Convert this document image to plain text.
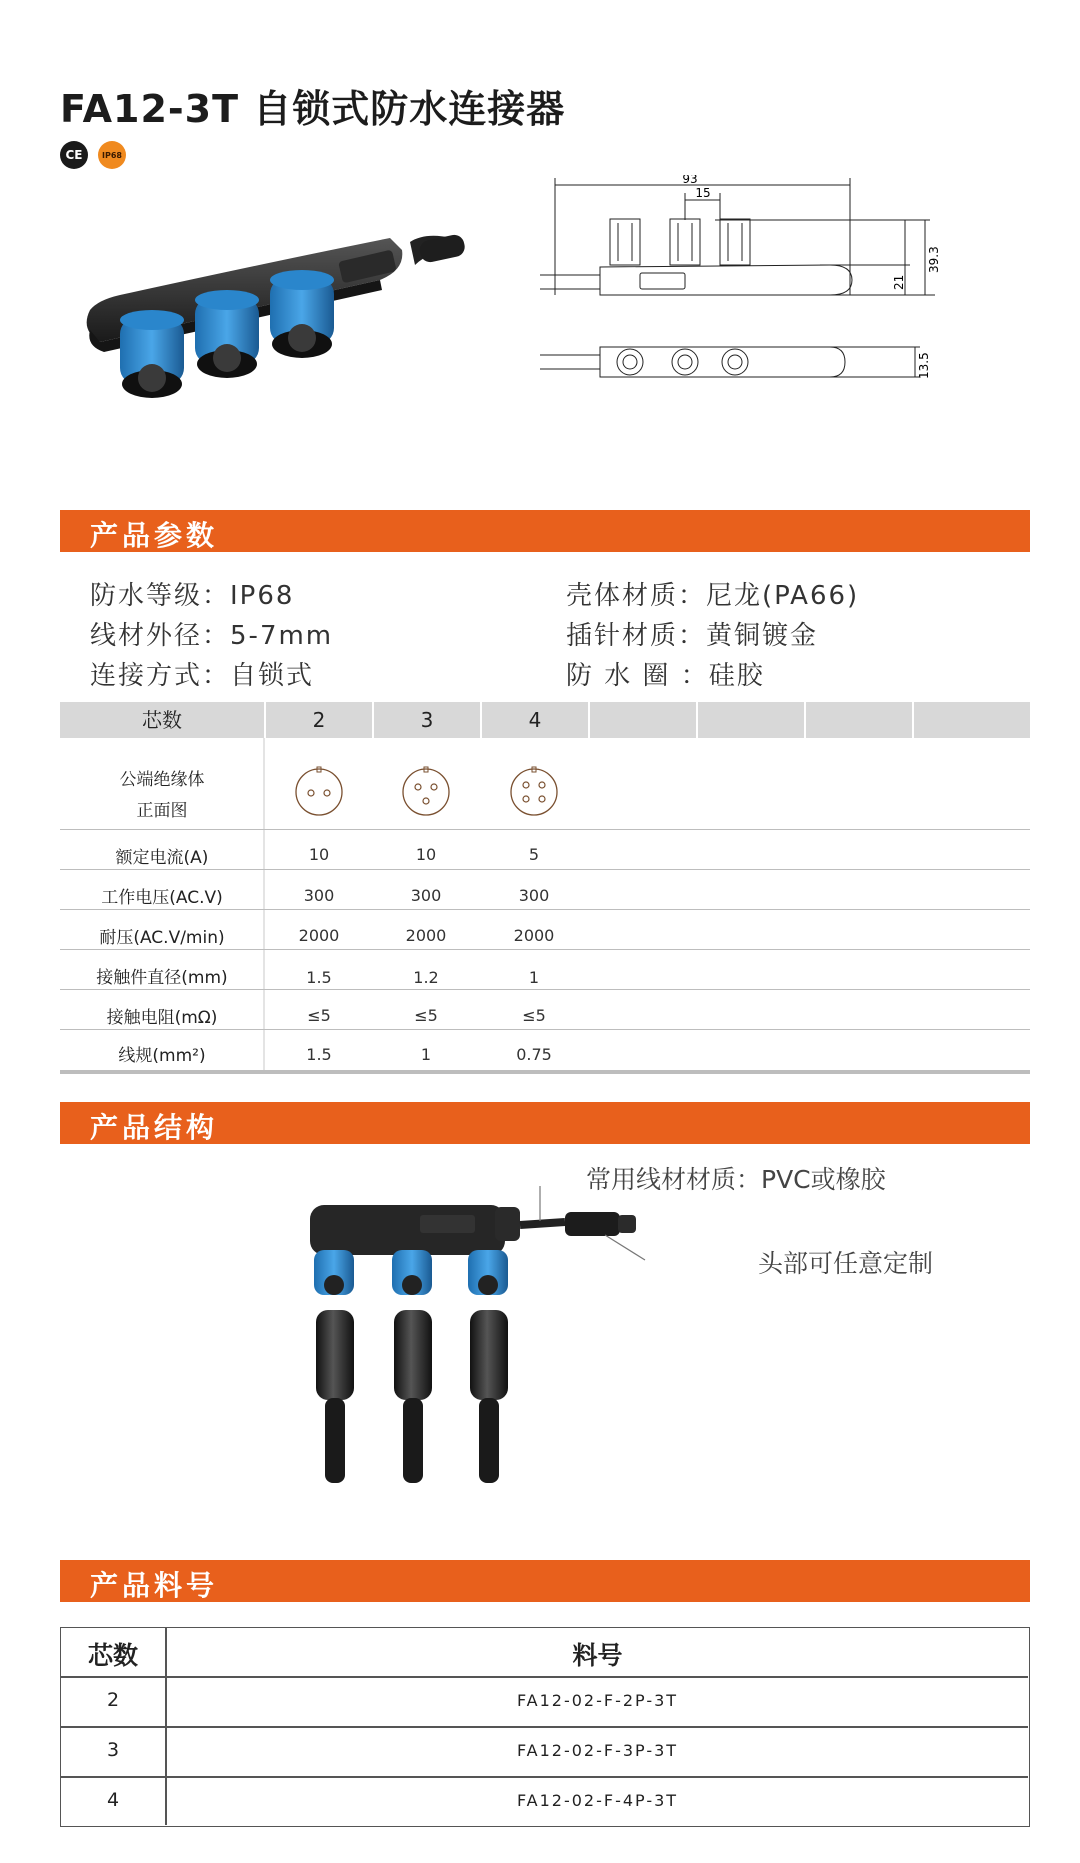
FA12-3T 自锁式防水连接器
CE IP68
93
15
21
39.3
13.5
产品参数
防水等级：IP68
线材外径：5-7mm
连接方式：自锁式
壳体材质：尼龙(PA66)
插针材质：黄铜镀金
防 水 圈 ：硅胶
芯数	2	3	4
公端绝缘体
正面图
额定电流(A)	10	10	5
工作电压(AC.V)	300	300	300
耐压(AC.V/min)	2000	2000	2000
接触件直径(mm)	1.5	1.2	1
接触电阻(mΩ)	≤5	≤5	≤5
线规(mm²)	1.5	1	0.75
产品结构
常用线材材质：PVC或橡胶
头部可任意定制
产品料号
芯数	料号
2	FA12-02-F-2P-3T
3	FA12-02-F-3P-3T
4	FA12-02-F-4P-3T
